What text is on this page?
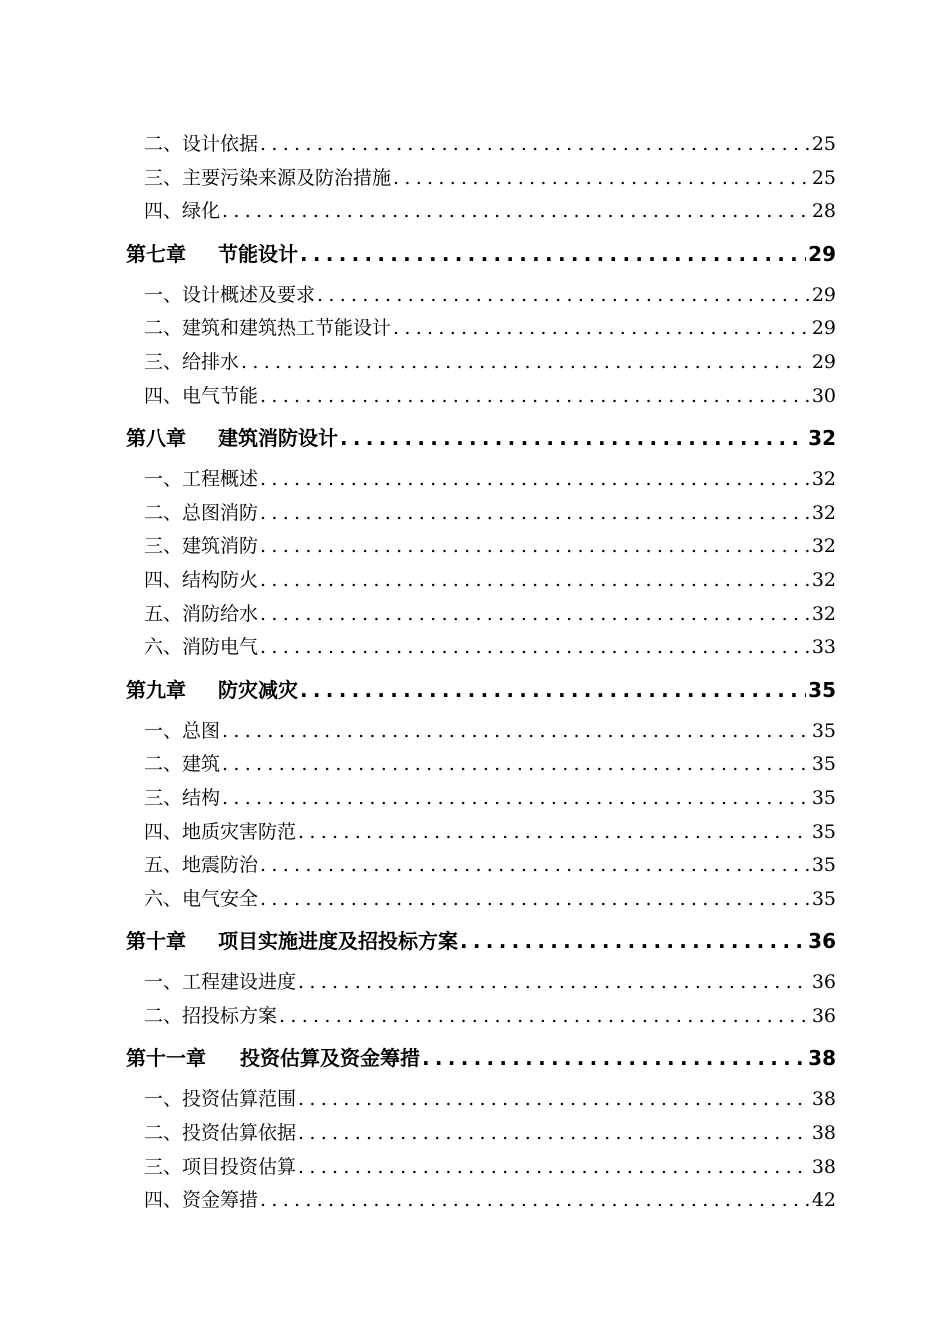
二、设计依据 .....	25
三、主要污染来源及防治措施 .....	25
四、绿化 .....	28
第七章	节能设计 .....	29
一、设计概述及要求 .....	29
二、建筑和建筑热工节能设计 .....	29
三、给排水 .....	29
四、电气节能 .....	30
第八章	建筑消防设计 .....	32
一、工程概述 .....	32
二、总图消防 .....	32
三、建筑消防 .....	32
四、结构防火 .....	32
五、消防给水 .....	32
六、消防电气 .....	33
第九章	防灾减灾 .....	35
一、总图 .....	35
二、建筑 .....	35
三、结构 .....	35
四、地质灾害防范 .....	35
五、地震防治 .....	35
六、电气安全 .....	35
第十章	项目实施进度及招投标方案 .....	36
一、工程建设进度 .....	36
二、招投标方案 .....	36
第十一章	投资估算及资金筹措 .....	38
一、投资估算范围 .....	38
二、投资估算依据 .....	38
三、项目投资估算 .....	38
四、资金筹措 .....	42
